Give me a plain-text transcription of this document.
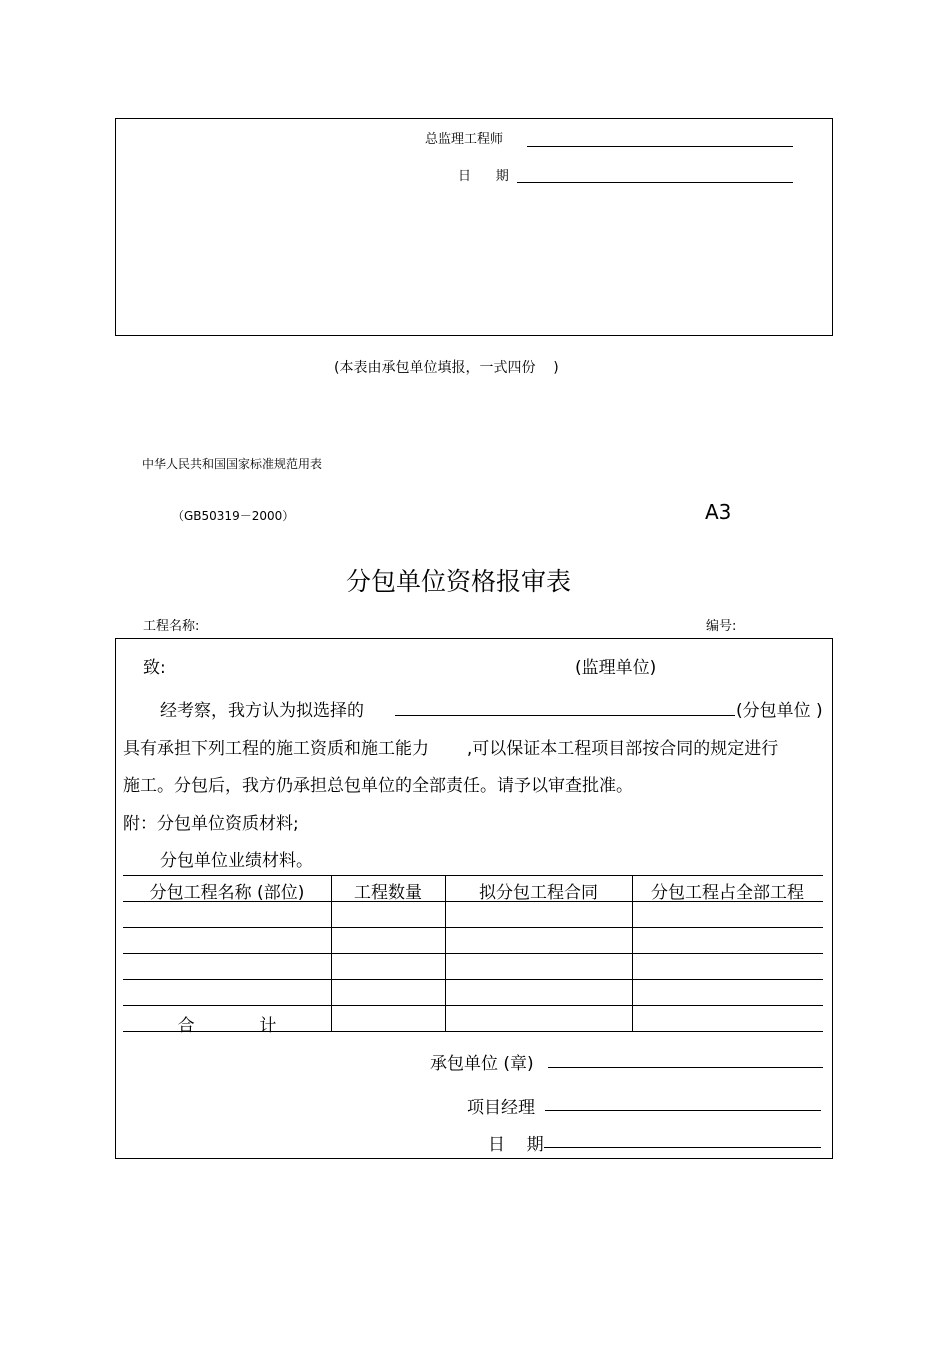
总监理工程师
日      期
(本表由承包单位填报，一式四份    )
中华人民共和国国家标准规范用表
（GB50319－2000）	A3
分包单位资格报审表
工程名称:	编号:
致:	(监理单位)
经考察，我方认为拟选择的	(分包单位 )
具有承担下列工程的施工资质和施工能力       ,可以保证本工程项目部按合同的规定进行
施工。分包后，我方仍承担总包单位的全部责任。请予以审查批准。
附：分包单位资质材料;
分包单位业绩材料。
分包工程名称 (部位)	工程数量	拟分包工程合同	分包工程占全部工程
合            计
承包单位 (章)
项目经理
日    期
